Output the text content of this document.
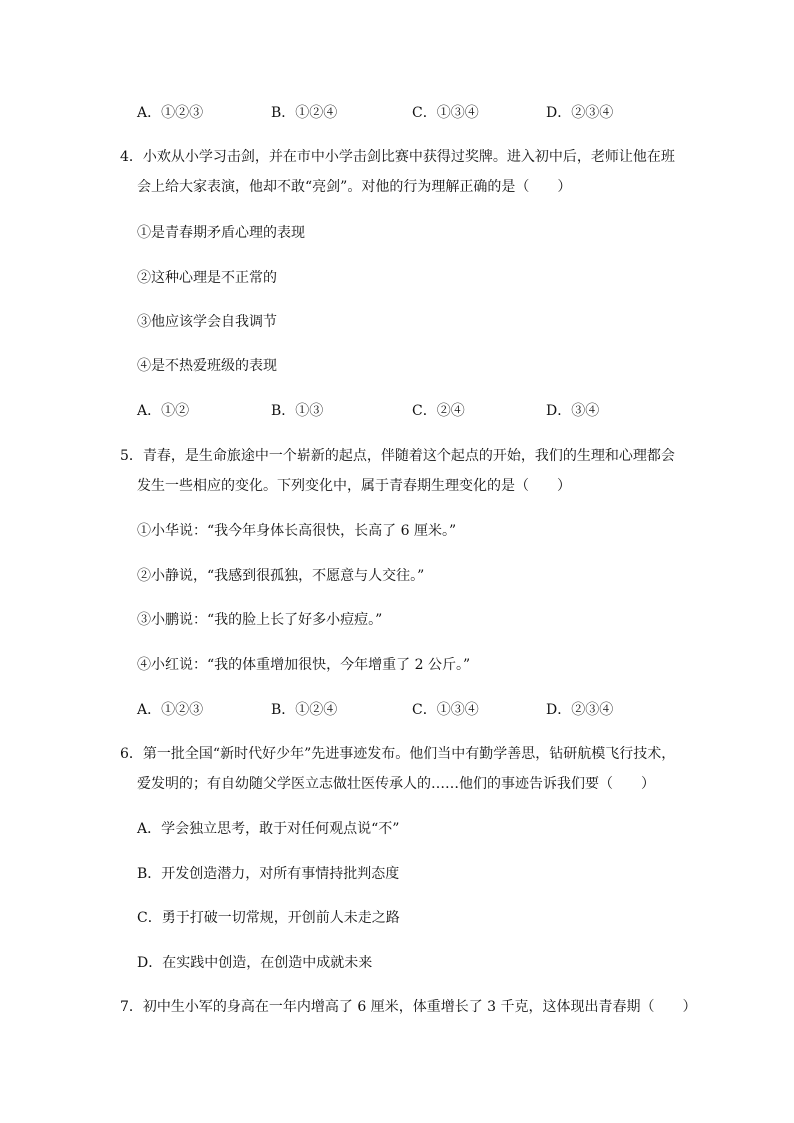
A．①②③	B．①②④	C．①③④	D．②③④
4．小欢从小学习击剑，并在市中小学击剑比赛中获得过奖牌。进入初中后，老师让他在班
会上给大家表演，他却不敢“亮剑”。对他的行为理解正确的是（　　）
①是青春期矛盾心理的表现
②这种心理是不正常的
③他应该学会自我调节
④是不热爱班级的表现
A．①②	B．①③	C．②④	D．③④
5．青春，是生命旅途中一个崭新的起点，伴随着这个起点的开始，我们的生理和心理都会
发生一些相应的变化。下列变化中，属于青春期生理变化的是（　　）
①小华说：“我今年身体长高很快，长高了 6 厘米。”
②小静说，“我感到很孤独，不愿意与人交往。”
③小鹏说：“我的脸上长了好多小痘痘。”
④小红说：“我的体重增加很快，今年增重了 2 公斤。”
A．①②③	B．①②④	C．①③④	D．②③④
6．第一批全国“新时代好少年”先进事迹发布。他们当中有勤学善思，钻研航模飞行技术，
爱发明的；有自幼随父学医立志做壮医传承人的……他们的事迹告诉我们要（　　）
A．学会独立思考，敢于对任何观点说“不”
B．开发创造潜力，对所有事情持批判态度
C．勇于打破一切常规，开创前人未走之路
D．在实践中创造，在创造中成就未来
7．初中生小军的身高在一年内增高了 6 厘米，体重增长了 3 千克，这体现出青春期（　　）
